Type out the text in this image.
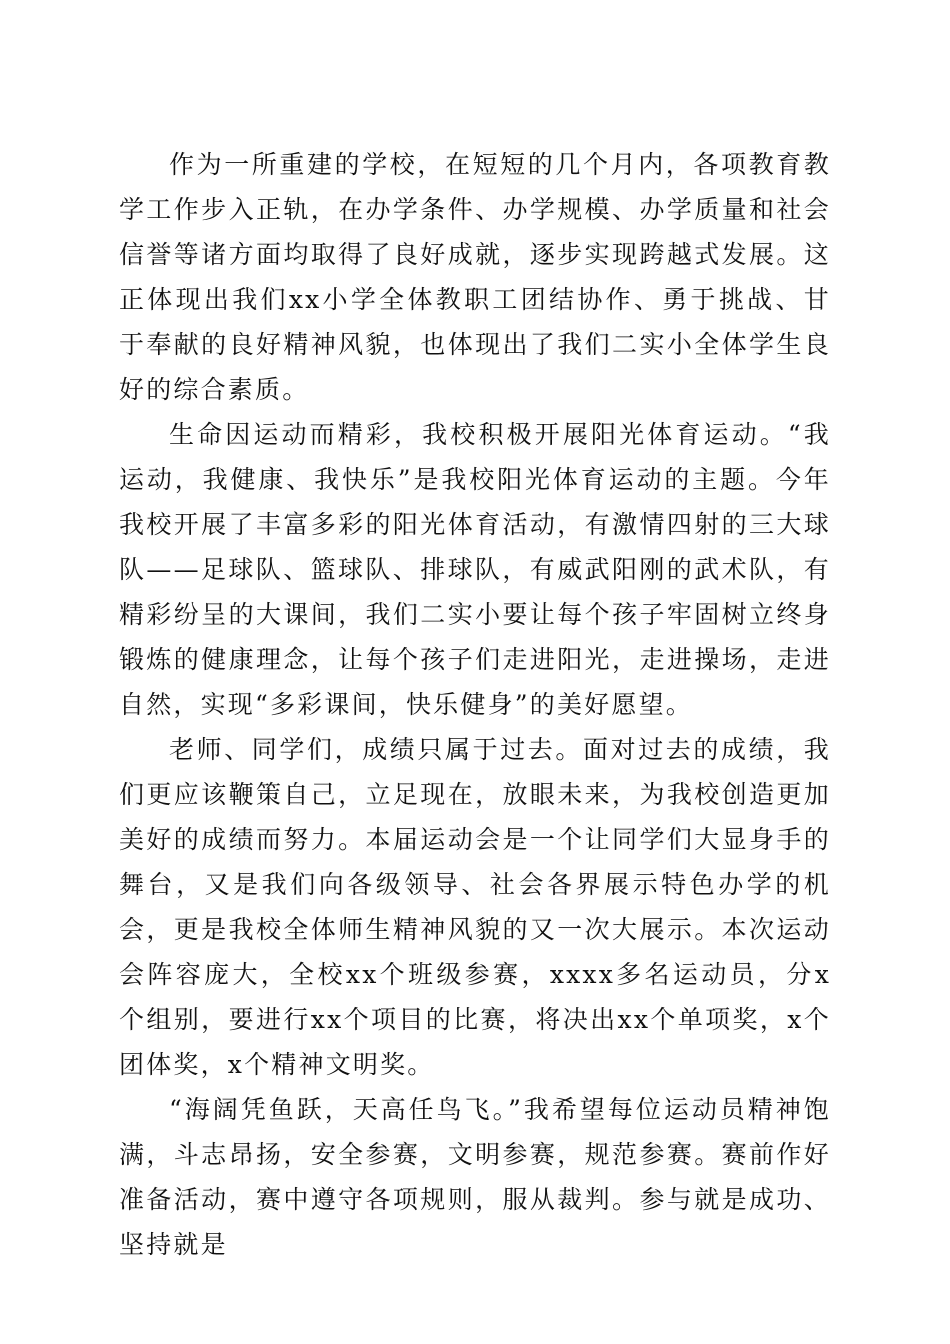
作为一所重建的学校，在短短的几个月内，各项教育教学工作步入正轨，在办学条件、办学规模、办学质量和社会信誉等诸方面均取得了良好成就，逐步实现跨越式发展。这正体现出我们xx小学全体教职工团结协作、勇于挑战、甘于奉献的良好精神风貌，也体现出了我们二实小全体学生良好的综合素质。

生命因运动而精彩，我校积极开展阳光体育运动。“我运动，我健康、我快乐”是我校阳光体育运动的主题。今年我校开展了丰富多彩的阳光体育活动，有激情四射的三大球队——足球队、篮球队、排球队，有威武阳刚的武术队，有精彩纷呈的大课间，我们二实小要让每个孩子牢固树立终身锻炼的健康理念，让每个孩子们走进阳光，走进操场，走进自然，实现“多彩课间，快乐健身”的美好愿望。

老师、同学们，成绩只属于过去。面对过去的成绩，我们更应该鞭策自己，立足现在，放眼未来，为我校创造更加美好的成绩而努力。本届运动会是一个让同学们大显身手的舞台，又是我们向各级领导、社会各界展示特色办学的机会，更是我校全体师生精神风貌的又一次大展示。本次运动会阵容庞大，全校xx个班级参赛，xxxx多名运动员，分x个组别，要进行xx个项目的比赛，将决出xx个单项奖，x个团体奖，x个精神文明奖。

“海阔凭鱼跃，天高任鸟飞。”我希望每位运动员精神饱满，斗志昂扬，安全参赛，文明参赛，规范参赛。赛前作好准备活动，赛中遵守各项规则，服从裁判。参与就是成功、坚持就是
